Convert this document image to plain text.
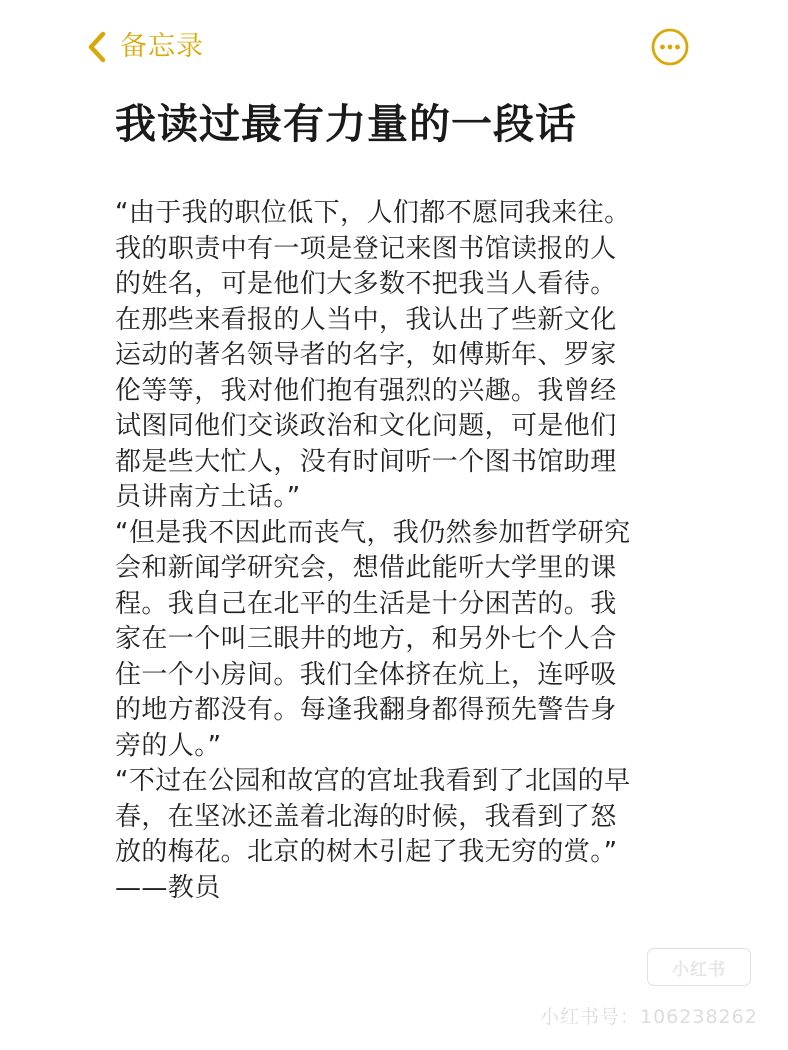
备忘录
我读过最有力量的一段话
“由于我的职位低下，人们都不愿同我来往。
我的职责中有一项是登记来图书馆读报的人
的姓名，可是他们大多数不把我当人看待。
在那些来看报的人当中，我认出了些新文化
运动的著名领导者的名字，如傅斯年、罗家
伦等等，我对他们抱有强烈的兴趣。我曾经
试图同他们交谈政治和文化问题，可是他们
都是些大忙人，没有时间听一个图书馆助理
员讲南方土话。”
“但是我不因此而丧气，我仍然参加哲学研究
会和新闻学研究会，想借此能听大学里的课
程。我自己在北平的生活是十分困苦的。我
家在一个叫三眼井的地方，和另外七个人合
住一个小房间。我们全体挤在炕上，连呼吸
的地方都没有。每逢我翻身都得预先警告身
旁的人。”
“不过在公园和故宫的宫址我看到了北国的早
春，在坚冰还盖着北海的时候，我看到了怒
放的梅花。北京的树木引起了我无穷的赏。”
——教员
小红书
小红书号：106238262
